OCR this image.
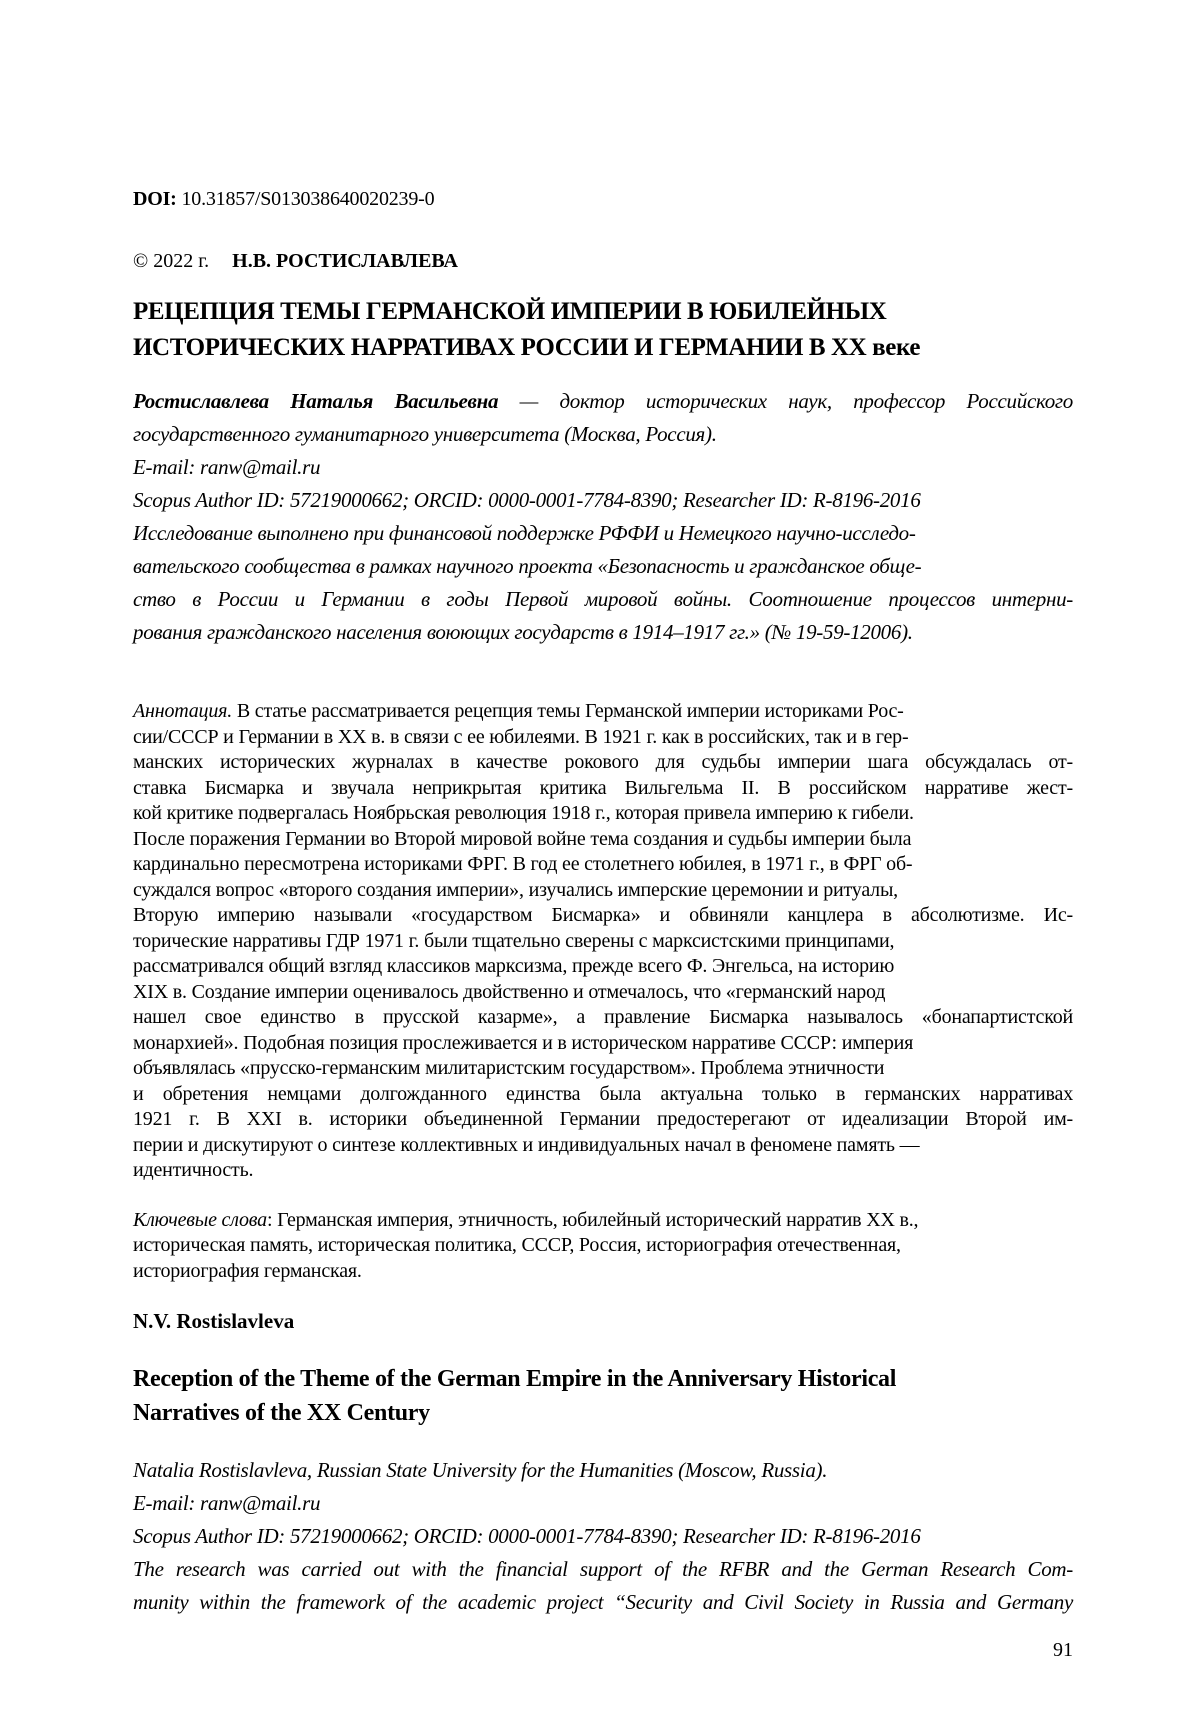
DOI: 10.31857/S013038640020239-0
© 2022 г. Н.В. РОСТИСЛАВЛЕВА
РЕЦЕПЦИЯ ТЕМЫ ГЕРМАНСКОЙ ИМПЕРИИ В ЮБИЛЕЙНЫХ
ИСТОРИЧЕСКИХ НАРРАТИВАХ РОССИИ И ГЕРМАНИИ В XX веке
Ростиславлева Наталья Васильевна — доктор исторических наук, профессор Российского
государственного гуманитарного университета (Москва, Россия).
E-mail: ranw@mail.ru
Scopus Author ID: 57219000662; ORCID: 0000-0001-7784-8390; Researcher ID: R-8196-2016
Исследование выполнено при финансовой поддержке РФФИ и Немецкого научно-исследо-
вательского сообщества в рамках научного проекта «Безопасность и гражданское обще-
ство в России и Германии в годы Первой мировой войны. Соотношение процессов интерни-
рования гражданского населения воюющих государств в 1914–1917 гг.» (№ 19-59-12006).
Аннотация. В статье рассматривается рецепция темы Германской империи историками Рос-
сии/СССР и Германии в XX в. в связи с ее юбилеями. В 1921 г. как в российских, так и в гер-
манских исторических журналах в качестве рокового для судьбы империи шага обсуждалась от-
ставка Бисмарка и звучала неприкрытая критика Вильгельма II. В российском нарративе жест-
кой критике подвергалась Ноябрьская революция 1918 г., которая привела империю к гибели.
После поражения Германии во Второй мировой войне тема создания и судьбы империи была
кардинально пересмотрена историками ФРГ. В год ее столетнего юбилея, в 1971 г., в ФРГ об-
суждался вопрос «второго создания империи», изучались имперские церемонии и ритуалы,
Вторую империю называли «государством Бисмарка» и обвиняли канцлера в абсолютизме. Ис-
торические нарративы ГДР 1971 г. были тщательно сверены с марксистскими принципами,
рассматривался общий взгляд классиков марксизма, прежде всего Ф. Энгельса, на историю
XIX в. Создание империи оценивалось двойственно и отмечалось, что «германский народ
нашел свое единство в прусской казарме», а правление Бисмарка называлось «бонапартистской
монархией». Подобная позиция прослеживается и в историческом нарративе СССР: империя
объявлялась «прусско-германским милитаристским государством». Проблема этничности
и обретения немцами долгожданного единства была актуальна только в германских нарративах
1921 г. В XXI в. историки объединенной Германии предостерегают от идеализации Второй им-
перии и дискутируют о синтезе коллективных и индивидуальных начал в феномене память —
идентичность.
Ключевые слова: Германская империя, этничность, юбилейный исторический нарратив XX в.,
историческая память, историческая политика, СССР, Россия, историография отечественная,
историография германская.
N.V. Rostislavleva
Reception of the Theme of the German Empire in the Anniversary Historical
Narratives of the XX Century
Natalia Rostislavleva, Russian State University for the Humanities (Moscow, Russia).
E-mail: ranw@mail.ru
Scopus Author ID: 57219000662; ORCID: 0000-0001-7784-8390; Researcher ID: R-8196-2016
The research was carried out with the financial support of the RFBR and the German Research Com-
munity within the framework of the academic project “Security and Civil Society in Russia and Germany
91
